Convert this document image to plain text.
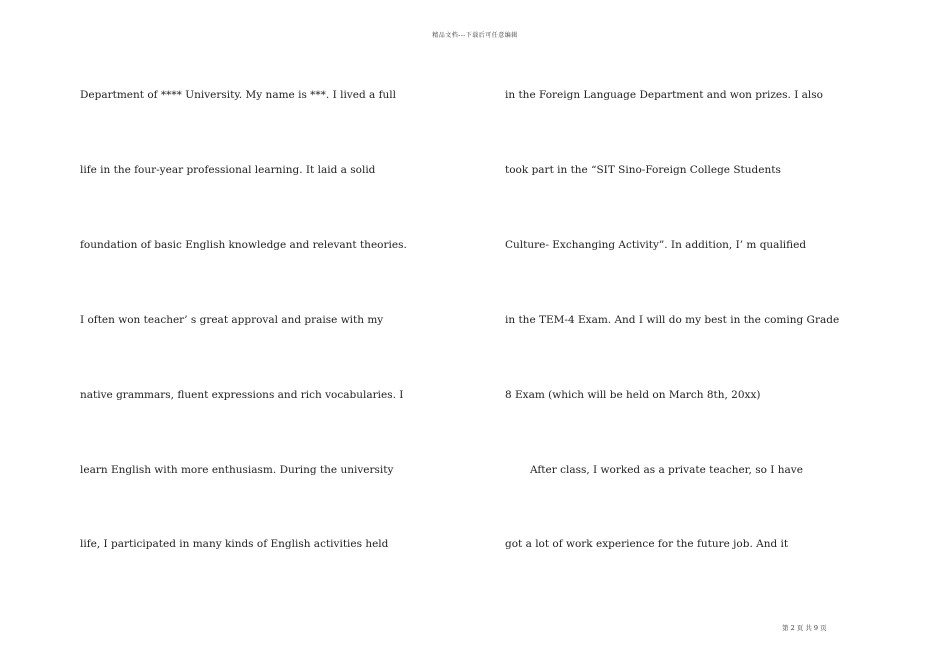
精品文档---下载后可任意编辑
Department of **** University. My name is ***. I lived a full
life in the four-year professional learning. It laid a solid
foundation of basic English knowledge and relevant theories.
I often won teacher’ s great approval and praise with my
native grammars, fluent expressions and rich vocabularies. I
learn English with more enthusiasm. During the university
life, I participated in many kinds of English activities held
in the Foreign Language Department and won prizes. I also
took part in the “SIT Sino-Foreign College Students
Culture- Exchanging Activity”. In addition, I’ m qualified
in the TEM-4 Exam. And I will do my best in the coming Grade
8 Exam (which will be held on March 8th, 20xx)
After class, I worked as a private teacher, so I have
got a lot of work experience for the future job. And it
第 2 页 共 9 页
